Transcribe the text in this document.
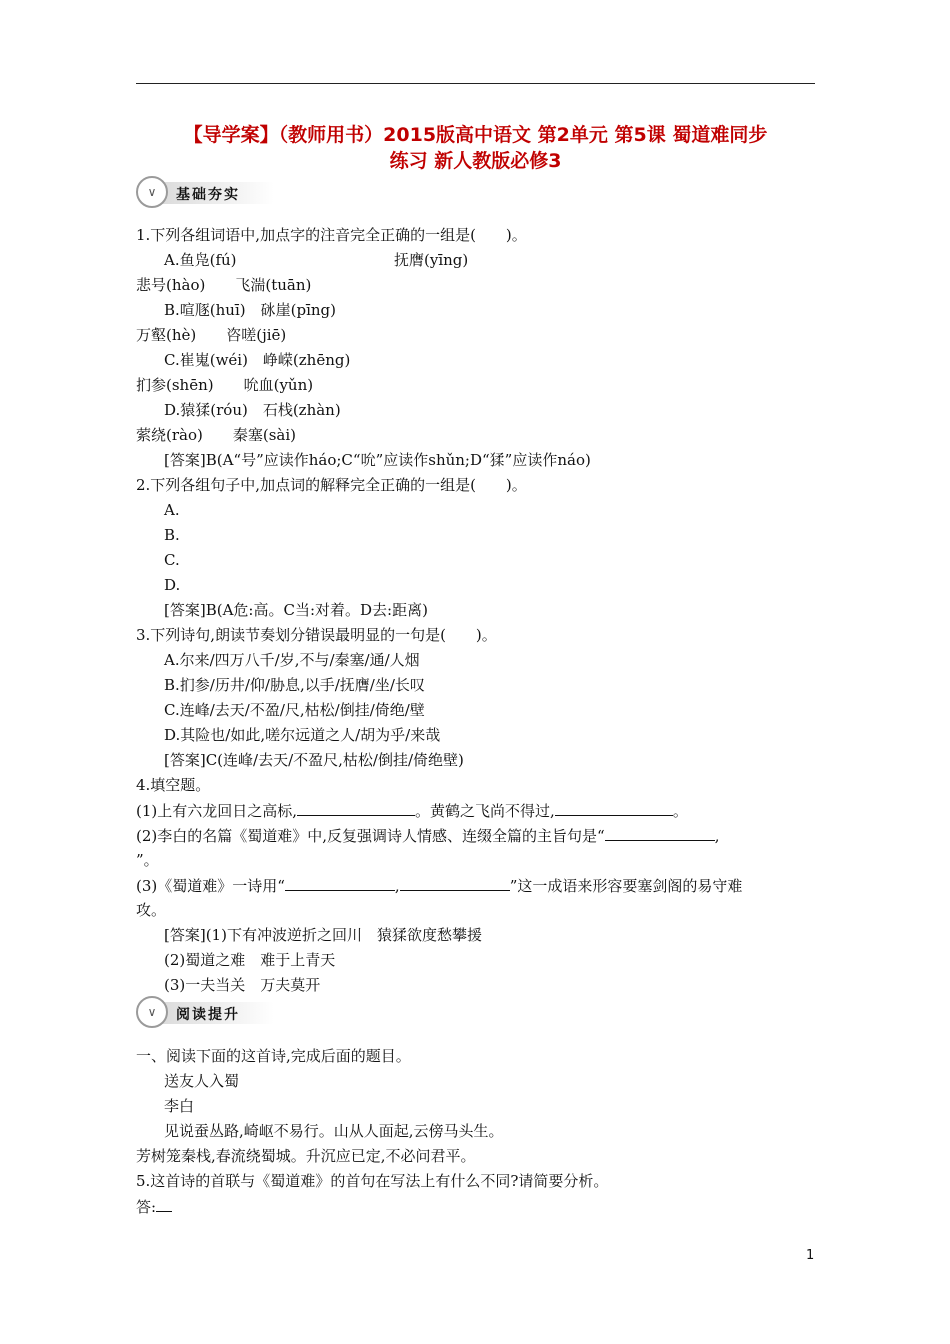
【导学案】（教师用书）2015版高中语文 第2单元 第5课 蜀道难同步
练习 新人教版必修3
∨	基础夯实
1.下列各组词语中,加点字的注音完全正确的一组是(　　)。
A.鱼凫(fú)	抚膺(yīng)
悲号(hào)　　飞湍(tuān)
B.喧豗(huī)　砯崖(pīng)
万壑(hè)　　咨嗟(jiē)
C.崔嵬(wéi)　峥嵘(zhēng)
扪参(shēn)　　吮血(yǔn)
D.猿猱(róu)　石栈(zhàn)
萦绕(rào)　　秦塞(sài)
[答案]B(A“号”应读作háo;C“吮”应读作shǔn;D“猱”应读作náo)
2.下列各组句子中,加点词的解释完全正确的一组是(　　)。
A.
B.
C.
D.
[答案]B(A危:高。C当:对着。D去:距离)
3.下列诗句,朗读节奏划分错误最明显的一句是(　　)。
A.尔来/四万八千/岁,不与/秦塞/通/人烟
B.扪参/历井/仰/胁息,以手/抚膺/坐/长叹
C.连峰/去天/不盈/尺,枯松/倒挂/倚绝/壁
D.其险也/如此,嗟尔远道之人/胡为乎/来哉
[答案]C(连峰/去天/不盈尺,枯松/倒挂/倚绝壁)
4.填空题。
(1)上有六龙回日之高标,	。黄鹤之飞尚不得过,	。
(2)李白的名篇《蜀道难》中,反复强调诗人情感、连缀全篇的主旨句是“	,
”。
(3)《蜀道难》一诗用“	,	”这一成语来形容要塞剑阁的易守难
攻。
[答案](1)下有冲波逆折之回川　猿猱欲度愁攀援
(2)蜀道之难　难于上青天
(3)一夫当关　万夫莫开
∨	阅读提升
一、阅读下面的这首诗,完成后面的题目。
送友人入蜀
李白
见说蚕丛路,崎岖不易行。山从人面起,云傍马头生。
芳树笼秦栈,春流绕蜀城。升沉应已定,不必问君平。
5.这首诗的首联与《蜀道难》的首句在写法上有什么不同?请简要分析。
答:
1
